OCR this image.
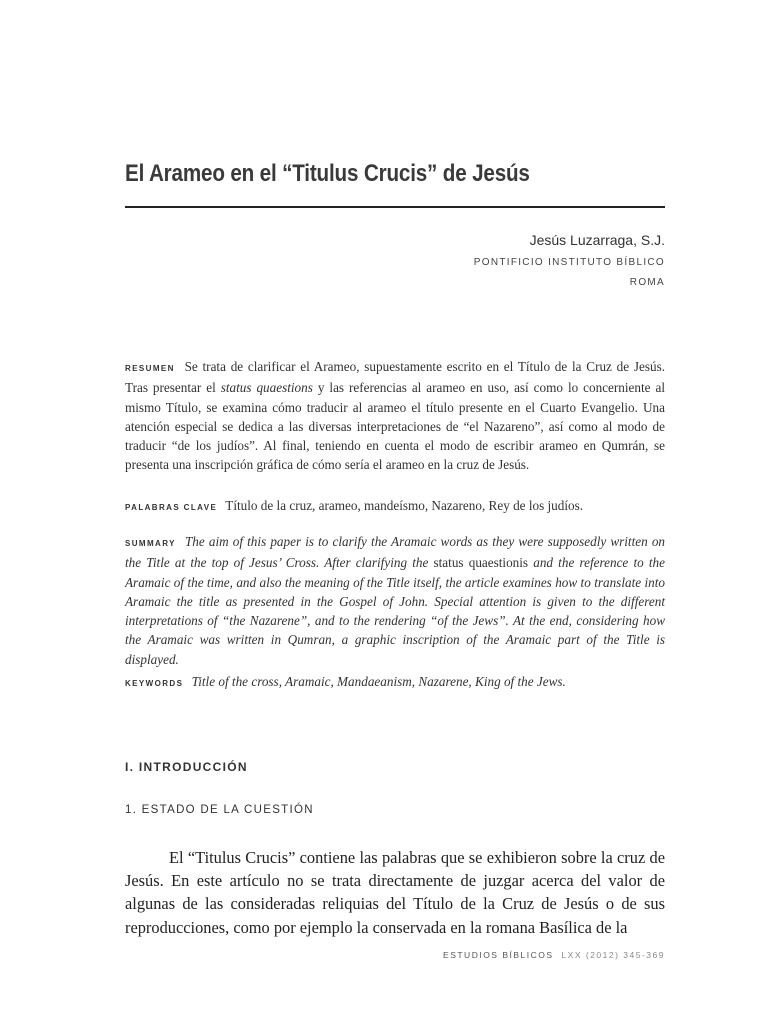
El Arameo en el “Titulus Crucis” de Jesús
Jesús Luzarraga, S.J.
PONTIFICIO INSTITUTO BÍBLICO
ROMA
RESUMEN Se trata de clarificar el Arameo, supuestamente escrito en el Título de la Cruz de Jesús. Tras presentar el status quaestions y las referencias al arameo en uso, así como lo concerniente al mismo Título, se examina cómo traducir al arameo el título presente en el Cuarto Evangelio. Una atención especial se dedica a las diversas interpretaciones de “el Nazareno”, así como al modo de traducir “de los judíos”. Al final, teniendo en cuenta el modo de escribir arameo en Qumrán, se presenta una inscripción gráfica de cómo sería el arameo en la cruz de Jesús.
PALABRAS CLAVE Título de la cruz, arameo, mandeísmo, Nazareno, Rey de los judíos.
SUMMARY The aim of this paper is to clarify the Aramaic words as they were supposedly written on the Title at the top of Jesus’ Cross. After clarifying the status quaestionis and the reference to the Aramaic of the time, and also the meaning of the Title itself, the article examines how to translate into Aramaic the title as presented in the Gospel of John. Special attention is given to the different interpretations of “the Nazarene”, and to the rendering “of the Jews”. At the end, considering how the Aramaic was written in Qumran, a graphic inscription of the Aramaic part of the Title is displayed.
KEYWORDS Title of the cross, Aramaic, Mandaeanism, Nazarene, King of the Jews.
I. INTRODUCCIÓN
1. ESTADO DE LA CUESTIÓN
El “Titulus Crucis” contiene las palabras que se exhibieron sobre la cruz de Jesús. En este artículo no se trata directamente de juzgar acerca del valor de algunas de las consideradas reliquias del Título de la Cruz de Jesús o de sus reproducciones, como por ejemplo la conservada en la romana Basílica de la
ESTUDIOS BÍBLICOS LXX (2012) 345-369
